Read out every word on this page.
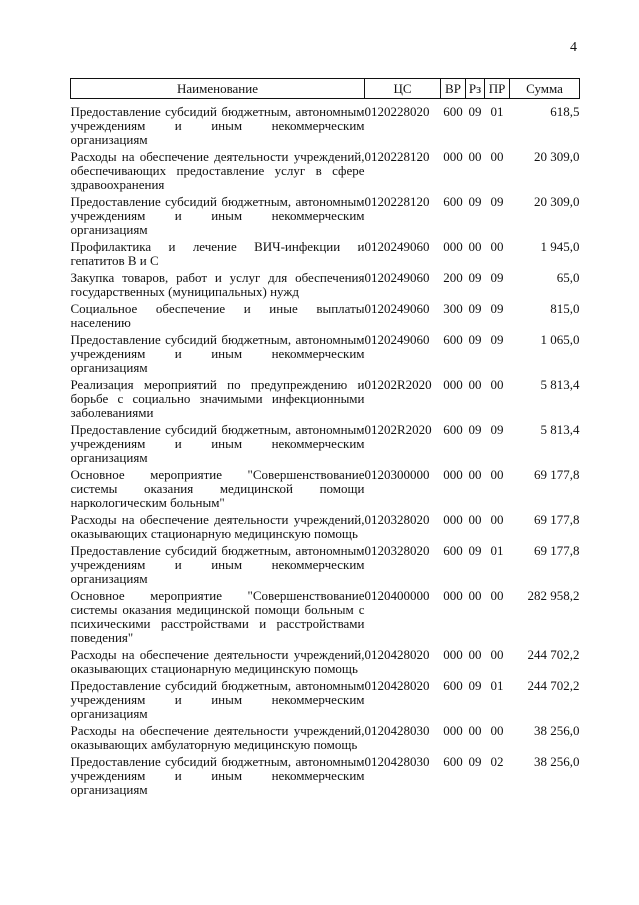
4
Наименование	ЦС	ВР	Рз	ПР	Сумма

Предоставление субсидий бюджетным, автономным учреждениям и иным некоммерческим организациям	0120228020	600	09	01	618,5
Расходы на обеспечение деятельности учреждений, обеспечивающих предоставление услуг в сфере здравоохранения	0120228120	000	00	00	20 309,0
Предоставление субсидий бюджетным, автономным учреждениям и иным некоммерческим организациям	0120228120	600	09	09	20 309,0
Профилактика и лечение ВИЧ-инфекции и гепатитов В и С	0120249060	000	00	00	1 945,0
Закупка товаров, работ и услуг для обеспечения государственных (муниципальных) нужд	0120249060	200	09	09	65,0
Социальное обеспечение и иные выплаты населению	0120249060	300	09	09	815,0
Предоставление субсидий бюджетным, автономным учреждениям и иным некоммерческим организациям	0120249060	600	09	09	1 065,0
Реализация мероприятий по предупреждению и борьбе с социально значимыми инфекционными заболеваниями	01202R2020	000	00	00	5 813,4
Предоставление субсидий бюджетным, автономным учреждениям и иным некоммерческим организациям	01202R2020	600	09	09	5 813,4
Основное мероприятие "Совершенствование системы оказания медицинской помощи наркологическим больным"	0120300000	000	00	00	69 177,8
Расходы на обеспечение деятельности учреждений, оказывающих стационарную медицинскую помощь	0120328020	000	00	00	69 177,8
Предоставление субсидий бюджетным, автономным учреждениям и иным некоммерческим организациям	0120328020	600	09	01	69 177,8
Основное мероприятие "Совершенствование системы оказания медицинской помощи больным с психическими расстройствами и расстройствами поведения"	0120400000	000	00	00	282 958,2
Расходы на обеспечение деятельности учреждений, оказывающих стационарную медицинскую помощь	0120428020	000	00	00	244 702,2
Предоставление субсидий бюджетным, автономным учреждениям и иным некоммерческим организациям	0120428020	600	09	01	244 702,2
Расходы на обеспечение деятельности учреждений, оказывающих амбулаторную медицинскую помощь	0120428030	000	00	00	38 256,0
Предоставление субсидий бюджетным, автономным учреждениям и иным некоммерческим организациям	0120428030	600	09	02	38 256,0
